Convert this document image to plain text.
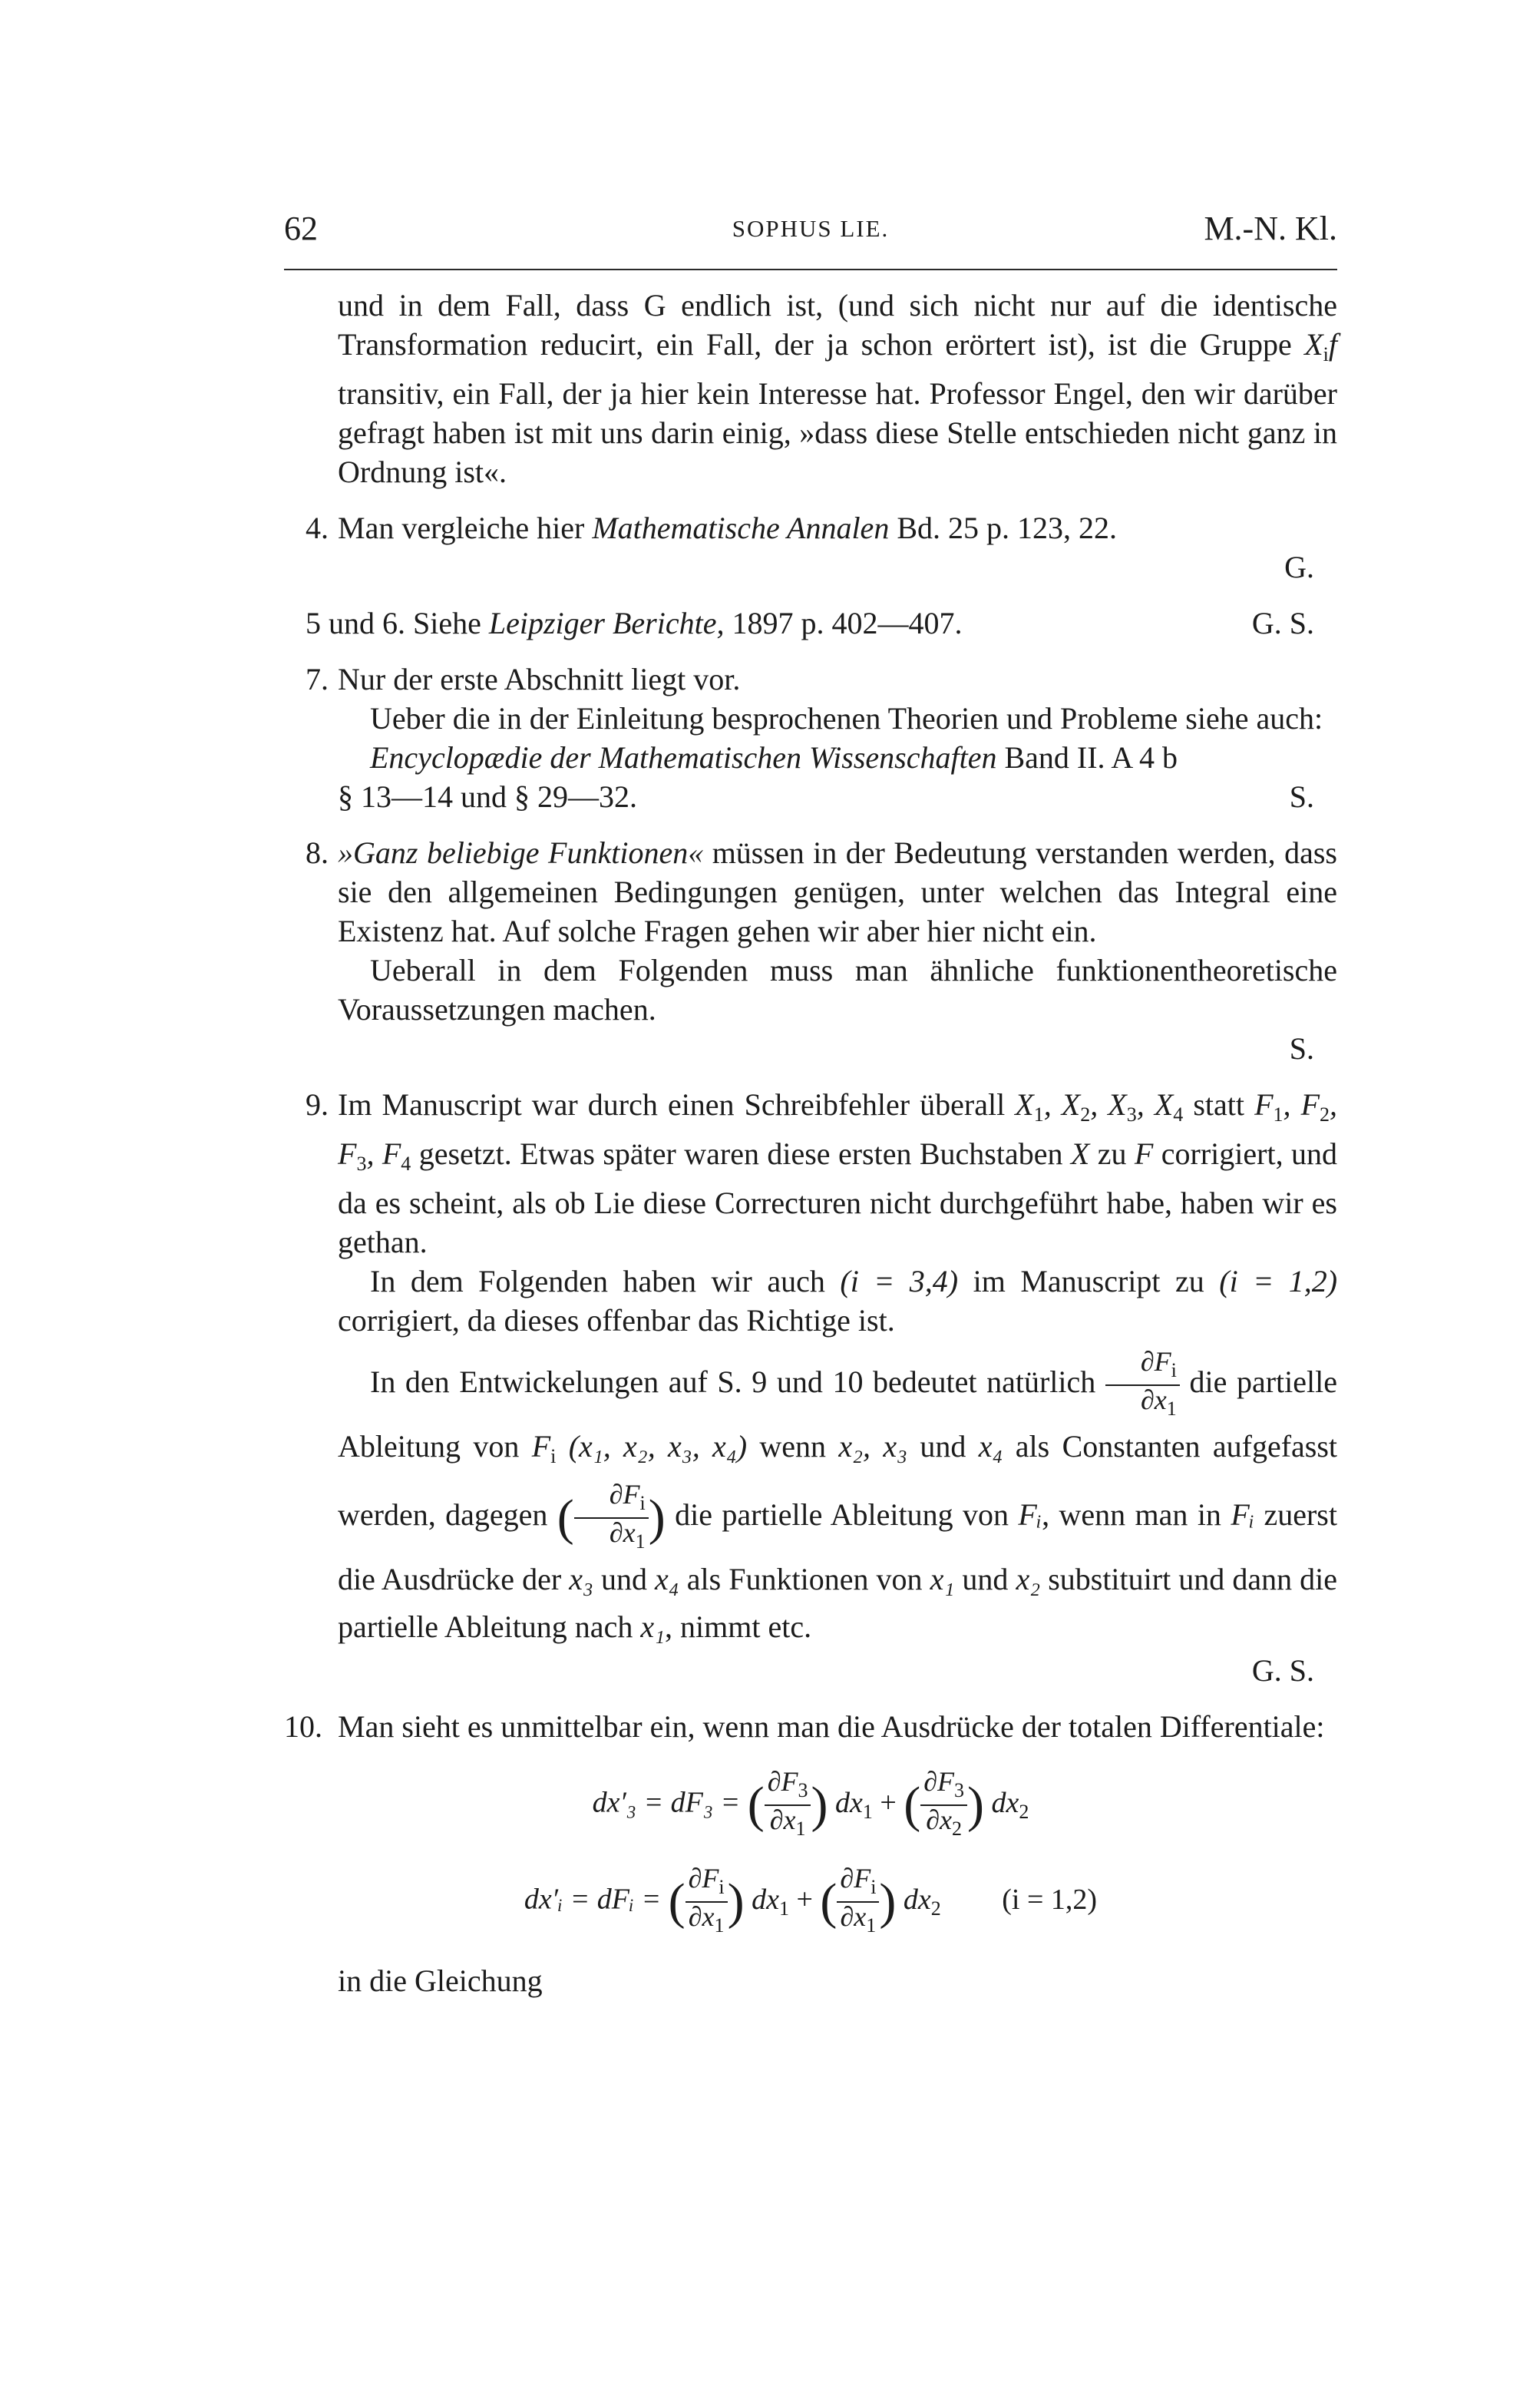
62	SOPHUS LIE.	M.-N. Kl.
und in dem Fall, dass G endlich ist, (und sich nicht nur auf die identische Transformation reducirt, ein Fall, der ja schon erörtert ist), ist die Gruppe $X_if$ transitiv, ein Fall, der ja hier kein Interesse hat. Professor Engel, den wir darüber gefragt haben ist mit uns darin einig, »dass diese Stelle entschieden nicht ganz in Ordnung ist«.
4. Man vergleiche hier Mathematische Annalen Bd. 25 p. 123, 22.
G.
5 und 6. Siehe Leipziger Berichte, 1897 p. 402—407.	G. S.
7. Nur der erste Abschnitt liegt vor.
Ueber die in der Einleitung besprochenen Theorien und Probleme siehe auch:
Encyclopædie der Mathematischen Wissenschaften Band II. A 4 b
§ 13—14 und § 29—32.	S.
8. »Ganz beliebige Funktionen« müssen in der Bedeutung verstanden werden, dass sie den allgemeinen Bedingungen genügen, unter welchen das Integral eine Existenz hat. Auf solche Fragen gehen wir aber hier nicht ein.
Ueberall in dem Folgenden muss man ähnliche funktionentheoretische Voraussetzungen machen.
S.
9. Im Manuscript war durch einen Schreibfehler überall $X_1$, $X_2$, $X_3$, $X_4$ statt $F_1$, $F_2$, $F_3$, $F_4$ gesetzt. Etwas später waren diese ersten Buchstaben X zu F corrigiert, und da es scheint, als ob Lie diese Correcturen nicht durchgeführt habe, haben wir es gethan.
In dem Folgenden haben wir auch (i = 3,4) im Manuscript zu (i = 1,2) corrigiert, da dieses offenbar das Richtige ist.
In den Entwickelungen auf S. 9 und 10 bedeutet natürlich $\frac{\partial F_i}{\partial x_1}$ die partielle Ableitung von $F_i$ (x₁, x₂, x₃, x₄) wenn x₂, x₃ und x₄ als Constanten aufgefasst werden, dagegen ( $\frac{\partial F_i}{\partial x_1}$ ) die partielle Ableitung von Fᵢ, wenn man in Fᵢ zuerst die Ausdrücke der x₃ und x₄ als Funktionen von x₁ und x₂ substituirt und dann die partielle Ableitung nach x₁, nimmt etc.
G. S.
10. Man sieht es unmittelbar ein, wenn man die Ausdrücke der totalen Differentiale:
dx′₃ = dF₃ = ( $\frac{\partial F_3}{\partial x_1}$ ) $dx_1$ + ( $\frac{\partial F_3}{\partial x_2}$ ) $dx_2$
dx′ᵢ = dFᵢ = ( $\frac{\partial F_i}{\partial x_1}$ ) $dx_1$ + ( $\frac{\partial F_i}{\partial x_1}$ ) $dx_2$ (i = 1,2)
in die Gleichung
